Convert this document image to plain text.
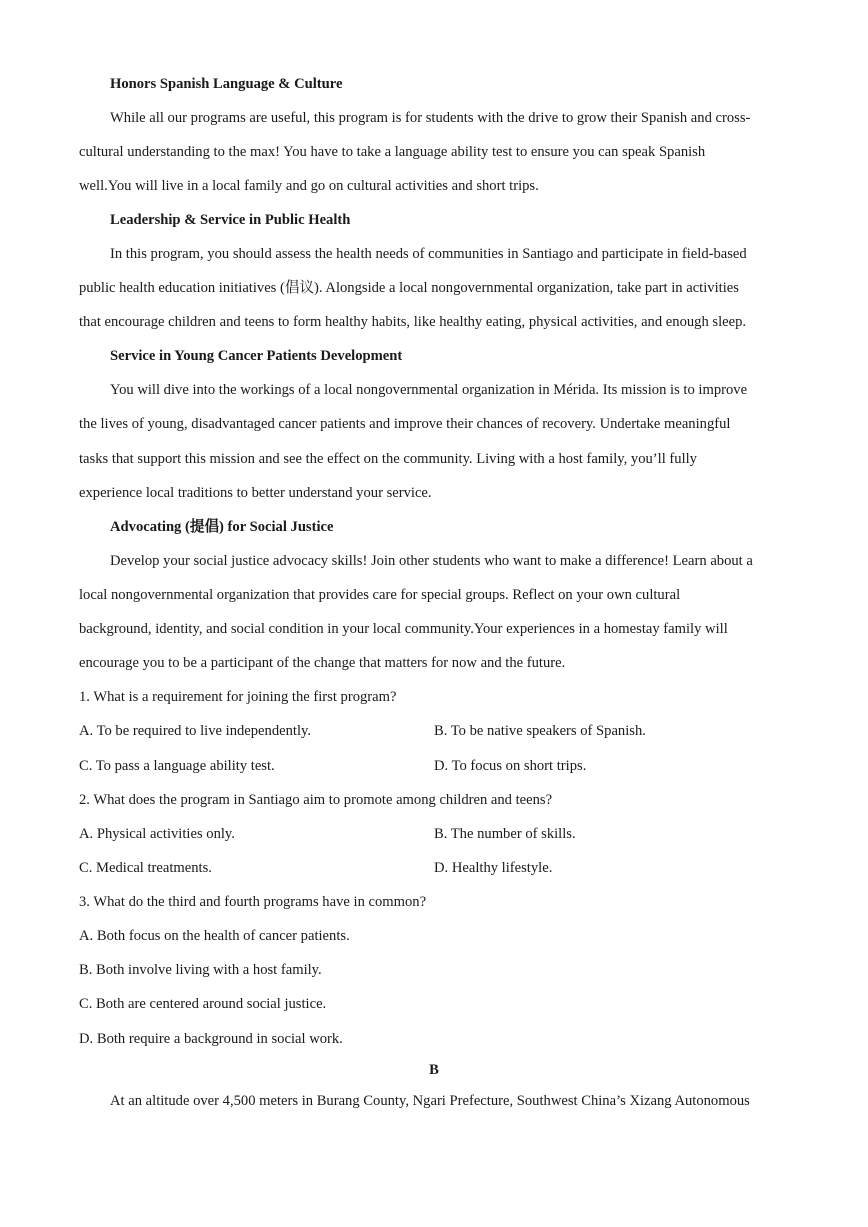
Honors Spanish Language & Culture
While all our programs are useful, this program is for students with the drive to grow their Spanish and cross-
cultural understanding to the max! You have to take a language ability test to ensure you can speak Spanish
well.You will live in a local family and go on cultural activities and short trips.
Leadership & Service in Public Health
In this program, you should assess the health needs of communities in Santiago and participate in field-based
public health education initiatives (倡议). Alongside a local nongovernmental organization, take part in activities
that encourage children and teens to form healthy habits, like healthy eating, physical activities, and enough sleep.
Service in Young Cancer Patients Development
You will dive into the workings of a local nongovernmental organization in Mérida. Its mission is to improve
the lives of young, disadvantaged cancer patients and improve their chances of recovery. Undertake meaningful
tasks that support this mission and see the effect on the community. Living with a host family, you’ll fully
experience local traditions to better understand your service.
Advocating (提倡) for Social Justice
Develop your social justice advocacy skills! Join other students who want to make a difference! Learn about a
local nongovernmental organization that provides care for special groups. Reflect on your own cultural
background, identity, and social condition in your local community.Your experiences in a homestay family will
encourage you to be a participant of the change that matters for now and the future.
1. What is a requirement for joining the first program?
A. To be required to live independently.	B. To be native speakers of Spanish.
C. To pass a language ability test.	D. To focus on short trips.
2. What does the program in Santiago aim to promote among children and teens?
A. Physical activities only.	B. The number of skills.
C. Medical treatments.	D. Healthy lifestyle.
3. What do the third and fourth programs have in common?
A. Both focus on the health of cancer patients.
B. Both involve living with a host family.
C. Both are centered around social justice.
D. Both require a background in social work.
B
At an altitude over 4,500 meters in Burang County, Ngari Prefecture, Southwest China’s Xizang Autonomous
